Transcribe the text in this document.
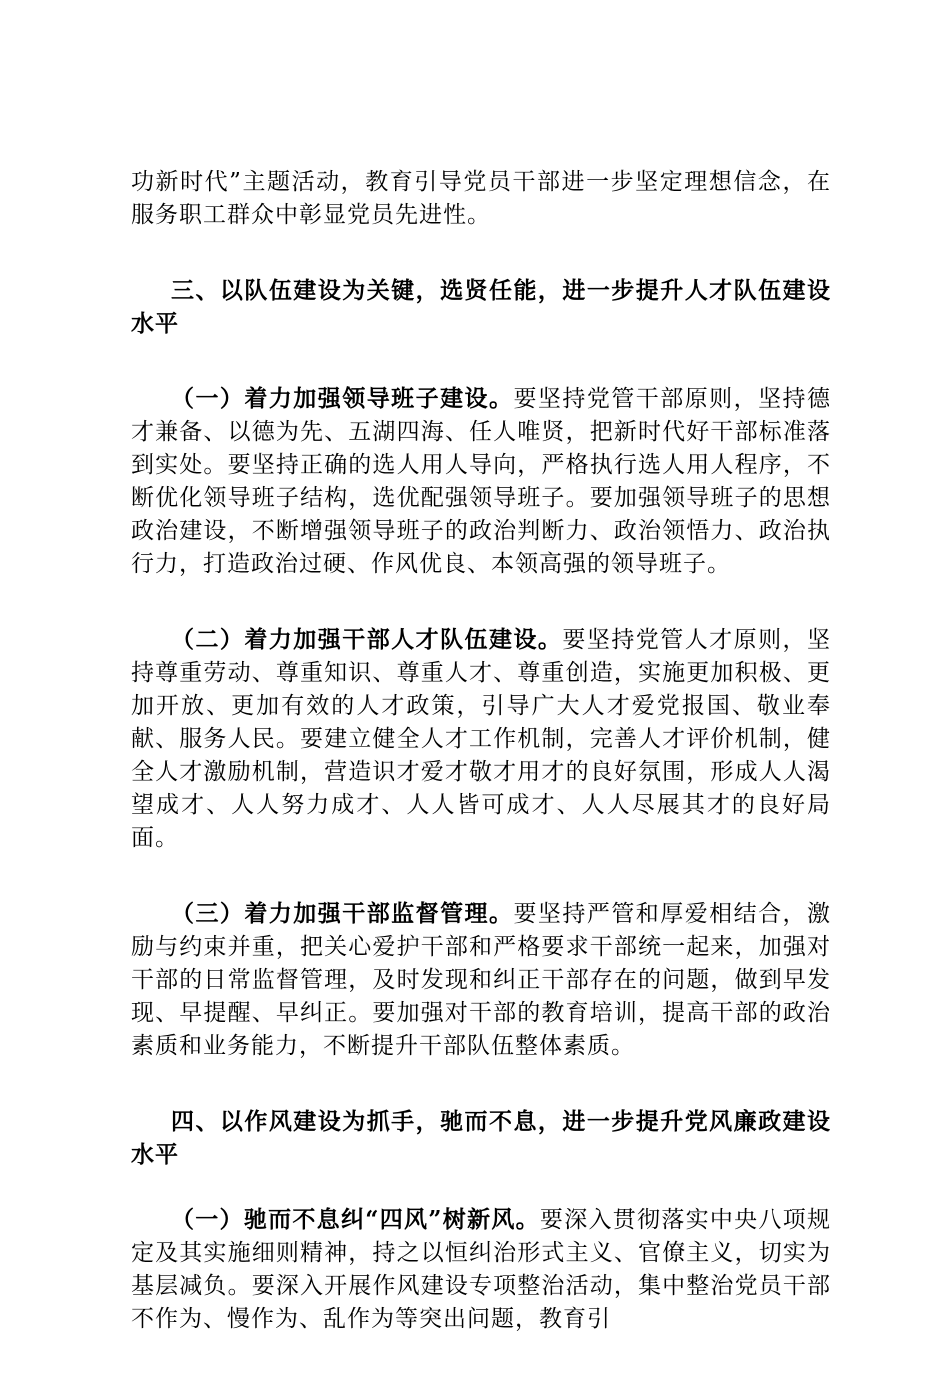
功新时代”主题活动，教育引导党员干部进一步坚定理想信念，在服务职工群众中彰显党员先进性。

三、以队伍建设为关键，选贤任能，进一步提升人才队伍建设水平

（一）着力加强领导班子建设。要坚持党管干部原则，坚持德才兼备、以德为先、五湖四海、任人唯贤，把新时代好干部标准落到实处。要坚持正确的选人用人导向，严格执行选人用人程序，不断优化领导班子结构，选优配强领导班子。要加强领导班子的思想政治建设，不断增强领导班子的政治判断力、政治领悟力、政治执行力，打造政治过硬、作风优良、本领高强的领导班子。

（二）着力加强干部人才队伍建设。要坚持党管人才原则，坚持尊重劳动、尊重知识、尊重人才、尊重创造，实施更加积极、更加开放、更加有效的人才政策，引导广大人才爱党报国、敬业奉献、服务人民。要建立健全人才工作机制，完善人才评价机制，健全人才激励机制，营造识才爱才敬才用才的良好氛围，形成人人渴望成才、人人努力成才、人人皆可成才、人人尽展其才的良好局面。

（三）着力加强干部监督管理。要坚持严管和厚爱相结合，激励与约束并重，把关心爱护干部和严格要求干部统一起来，加强对干部的日常监督管理，及时发现和纠正干部存在的问题，做到早发现、早提醒、早纠正。要加强对干部的教育培训，提高干部的政治素质和业务能力，不断提升干部队伍整体素质。

四、以作风建设为抓手，驰而不息，进一步提升党风廉政建设水平

（一）驰而不息纠“四风”树新风。要深入贯彻落实中央八项规定及其实施细则精神，持之以恒纠治形式主义、官僚主义，切实为基层减负。要深入开展作风建设专项整治活动，集中整治党员干部不作为、慢作为、乱作为等突出问题，教育引
